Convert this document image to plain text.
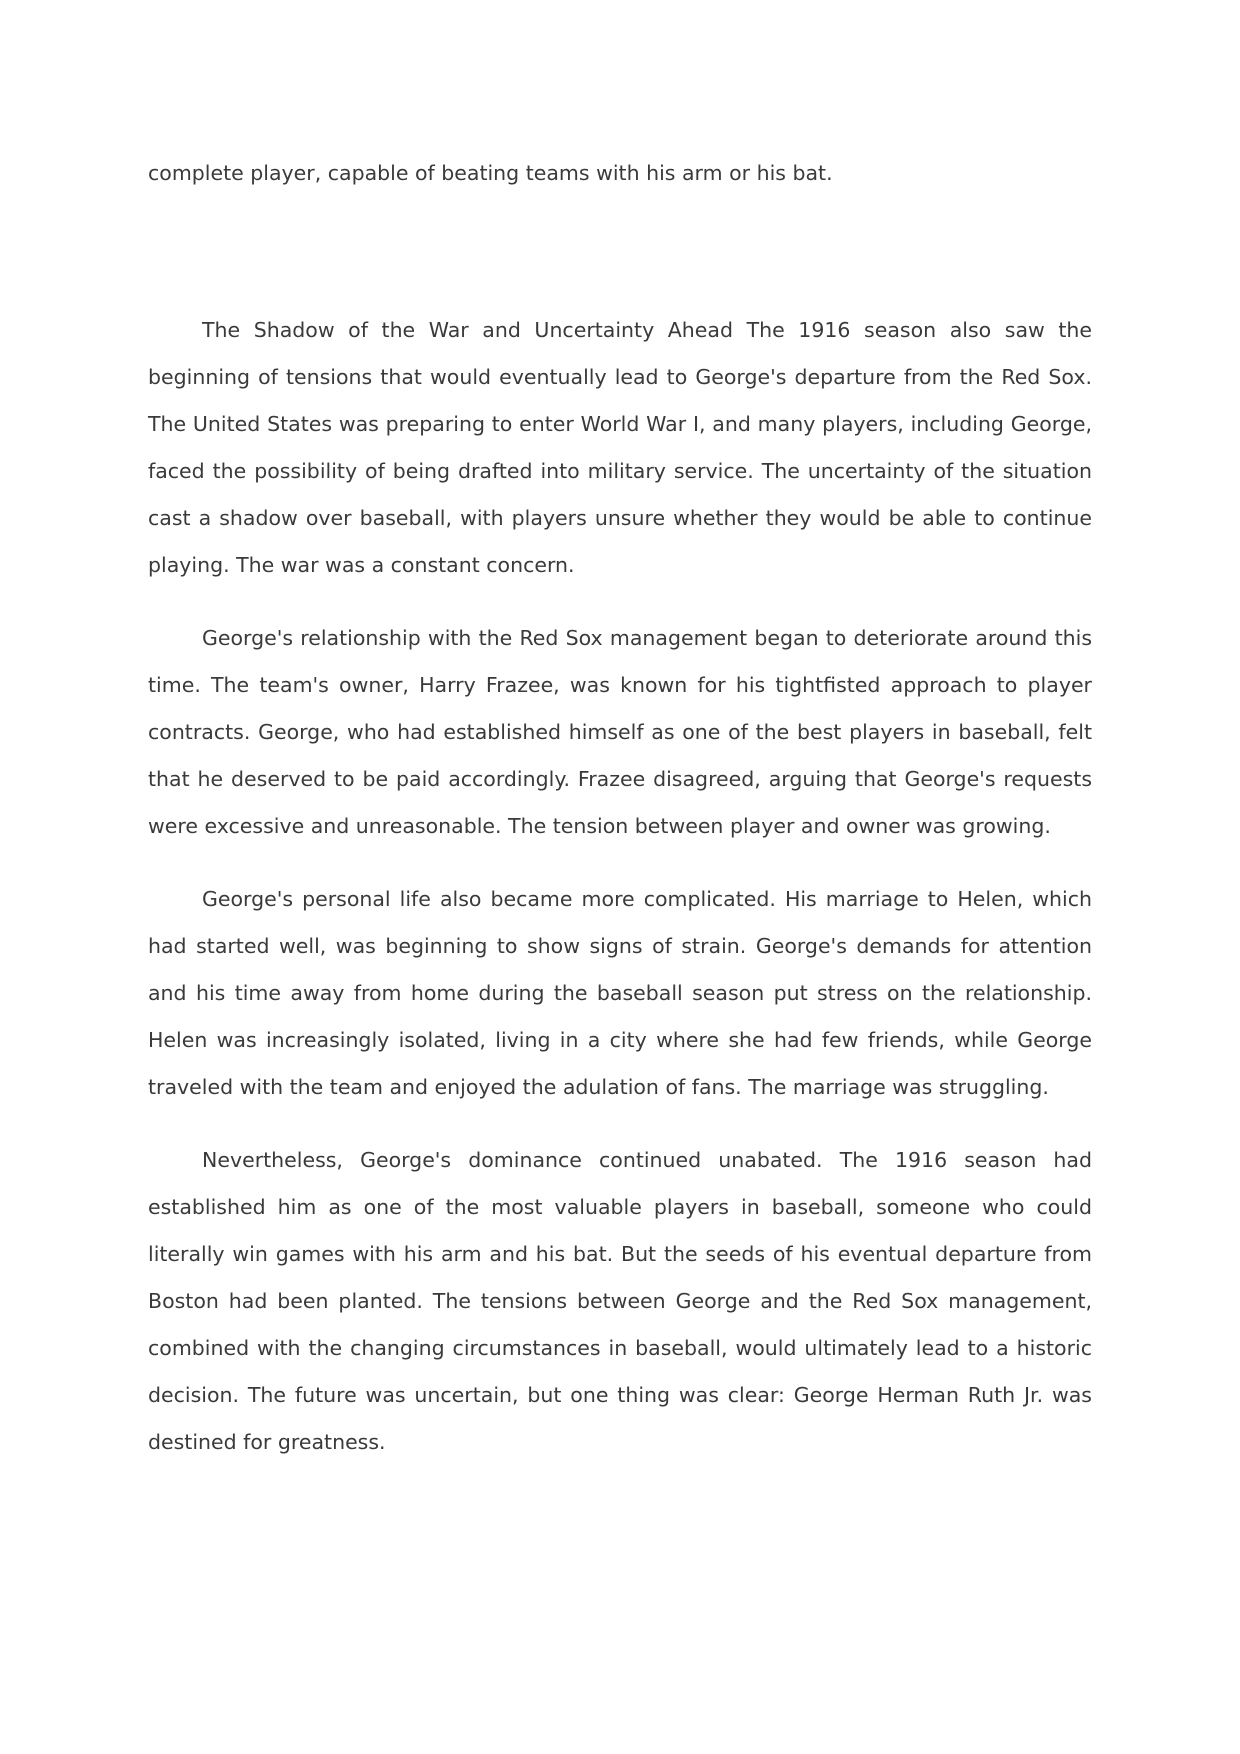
complete player, capable of beating teams with his arm or his bat.

The Shadow of the War and Uncertainty Ahead The 1916 season also saw the beginning of tensions that would eventually lead to George's departure from the Red Sox. The United States was preparing to enter World War I, and many players, including George, faced the possibility of being drafted into military service. The uncertainty of the situation cast a shadow over baseball, with players unsure whether they would be able to continue playing. The war was a constant concern.

George's relationship with the Red Sox management began to deteriorate around this time. The team's owner, Harry Frazee, was known for his tightfisted approach to player contracts. George, who had established himself as one of the best players in baseball, felt that he deserved to be paid accordingly. Frazee disagreed, arguing that George's requests were excessive and unreasonable. The tension between player and owner was growing.

George's personal life also became more complicated. His marriage to Helen, which had started well, was beginning to show signs of strain. George's demands for attention and his time away from home during the baseball season put stress on the relationship. Helen was increasingly isolated, living in a city where she had few friends, while George traveled with the team and enjoyed the adulation of fans. The marriage was struggling.

Nevertheless, George's dominance continued unabated. The 1916 season had established him as one of the most valuable players in baseball, someone who could literally win games with his arm and his bat. But the seeds of his eventual departure from Boston had been planted. The tensions between George and the Red Sox management, combined with the changing circumstances in baseball, would ultimately lead to a historic decision. The future was uncertain, but one thing was clear: George Herman Ruth Jr. was destined for greatness.
